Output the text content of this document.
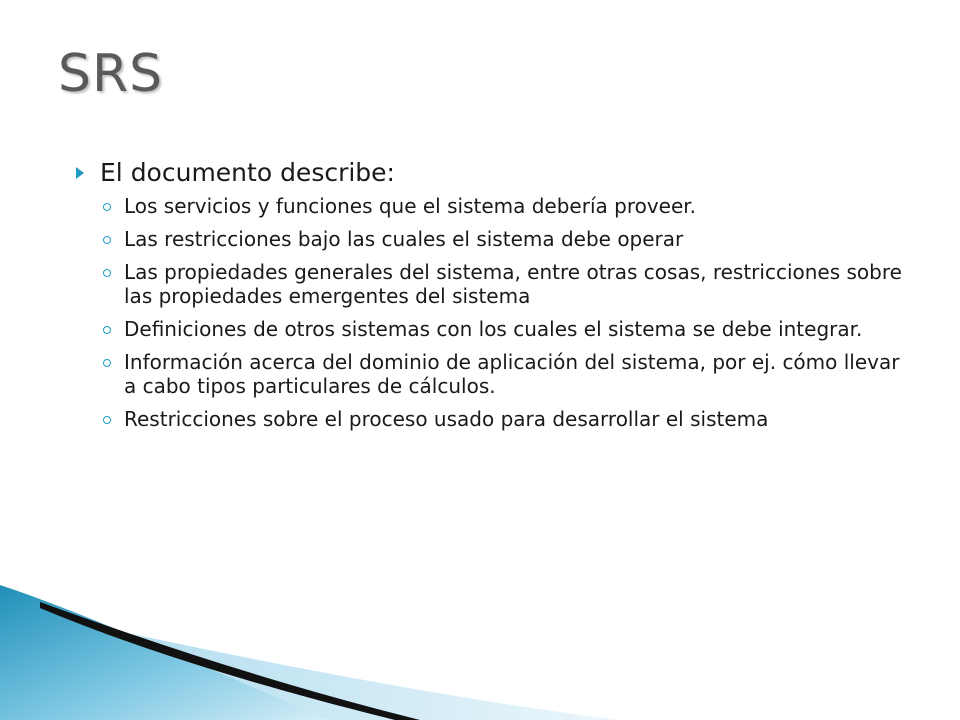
SRS
El documento describe:
Los servicios y funciones que el sistema debería proveer.
Las restricciones bajo las cuales el sistema debe operar
Las propiedades generales del sistema, entre otras cosas, restricciones sobre las propiedades emergentes del sistema
Definiciones de otros sistemas con los cuales el sistema se debe integrar.
Información acerca del dominio de aplicación del sistema, por ej. cómo llevar a cabo tipos particulares de cálculos.
Restricciones sobre el proceso usado para desarrollar el sistema
